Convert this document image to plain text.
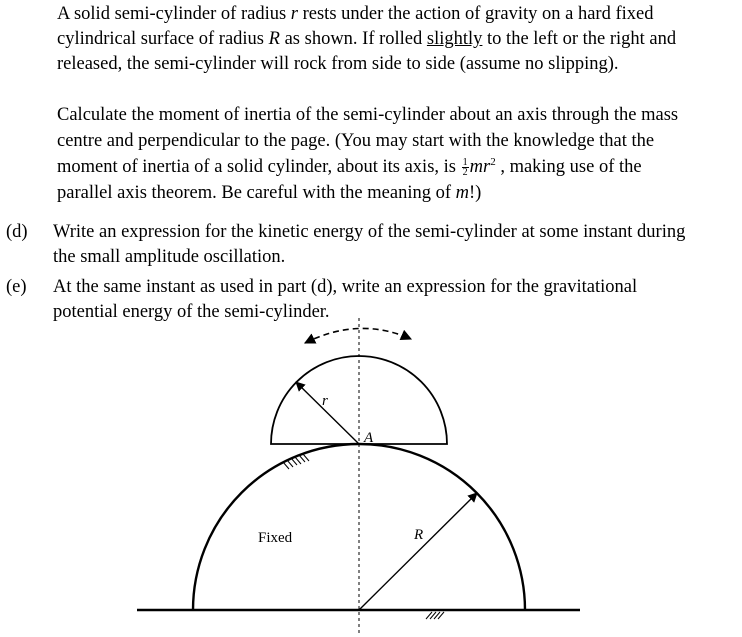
A solid semi-cylinder of radius r rests under the action of gravity on a hard fixed
cylindrical surface of radius R as shown. If rolled slightly to the left or the right and
released, the semi-cylinder will rock from side to side (assume no slipping).
Calculate the moment of inertia of the semi-cylinder about an axis through the mass
centre and perpendicular to the page. (You may start with the knowledge that the
moment of inertia of a solid cylinder, about its axis, is $\frac{1}{2} mr^2$ , making use of the
parallel axis theorem. Be careful with the meaning of m!)
(d) Write an expression for the kinetic energy of the semi-cylinder at some instant during
the small amplitude oscillation.
(e) At the same instant as used in part (d), write an expression for the gravitational
potential energy of the semi-cylinder.
r
A
R
Fixed
